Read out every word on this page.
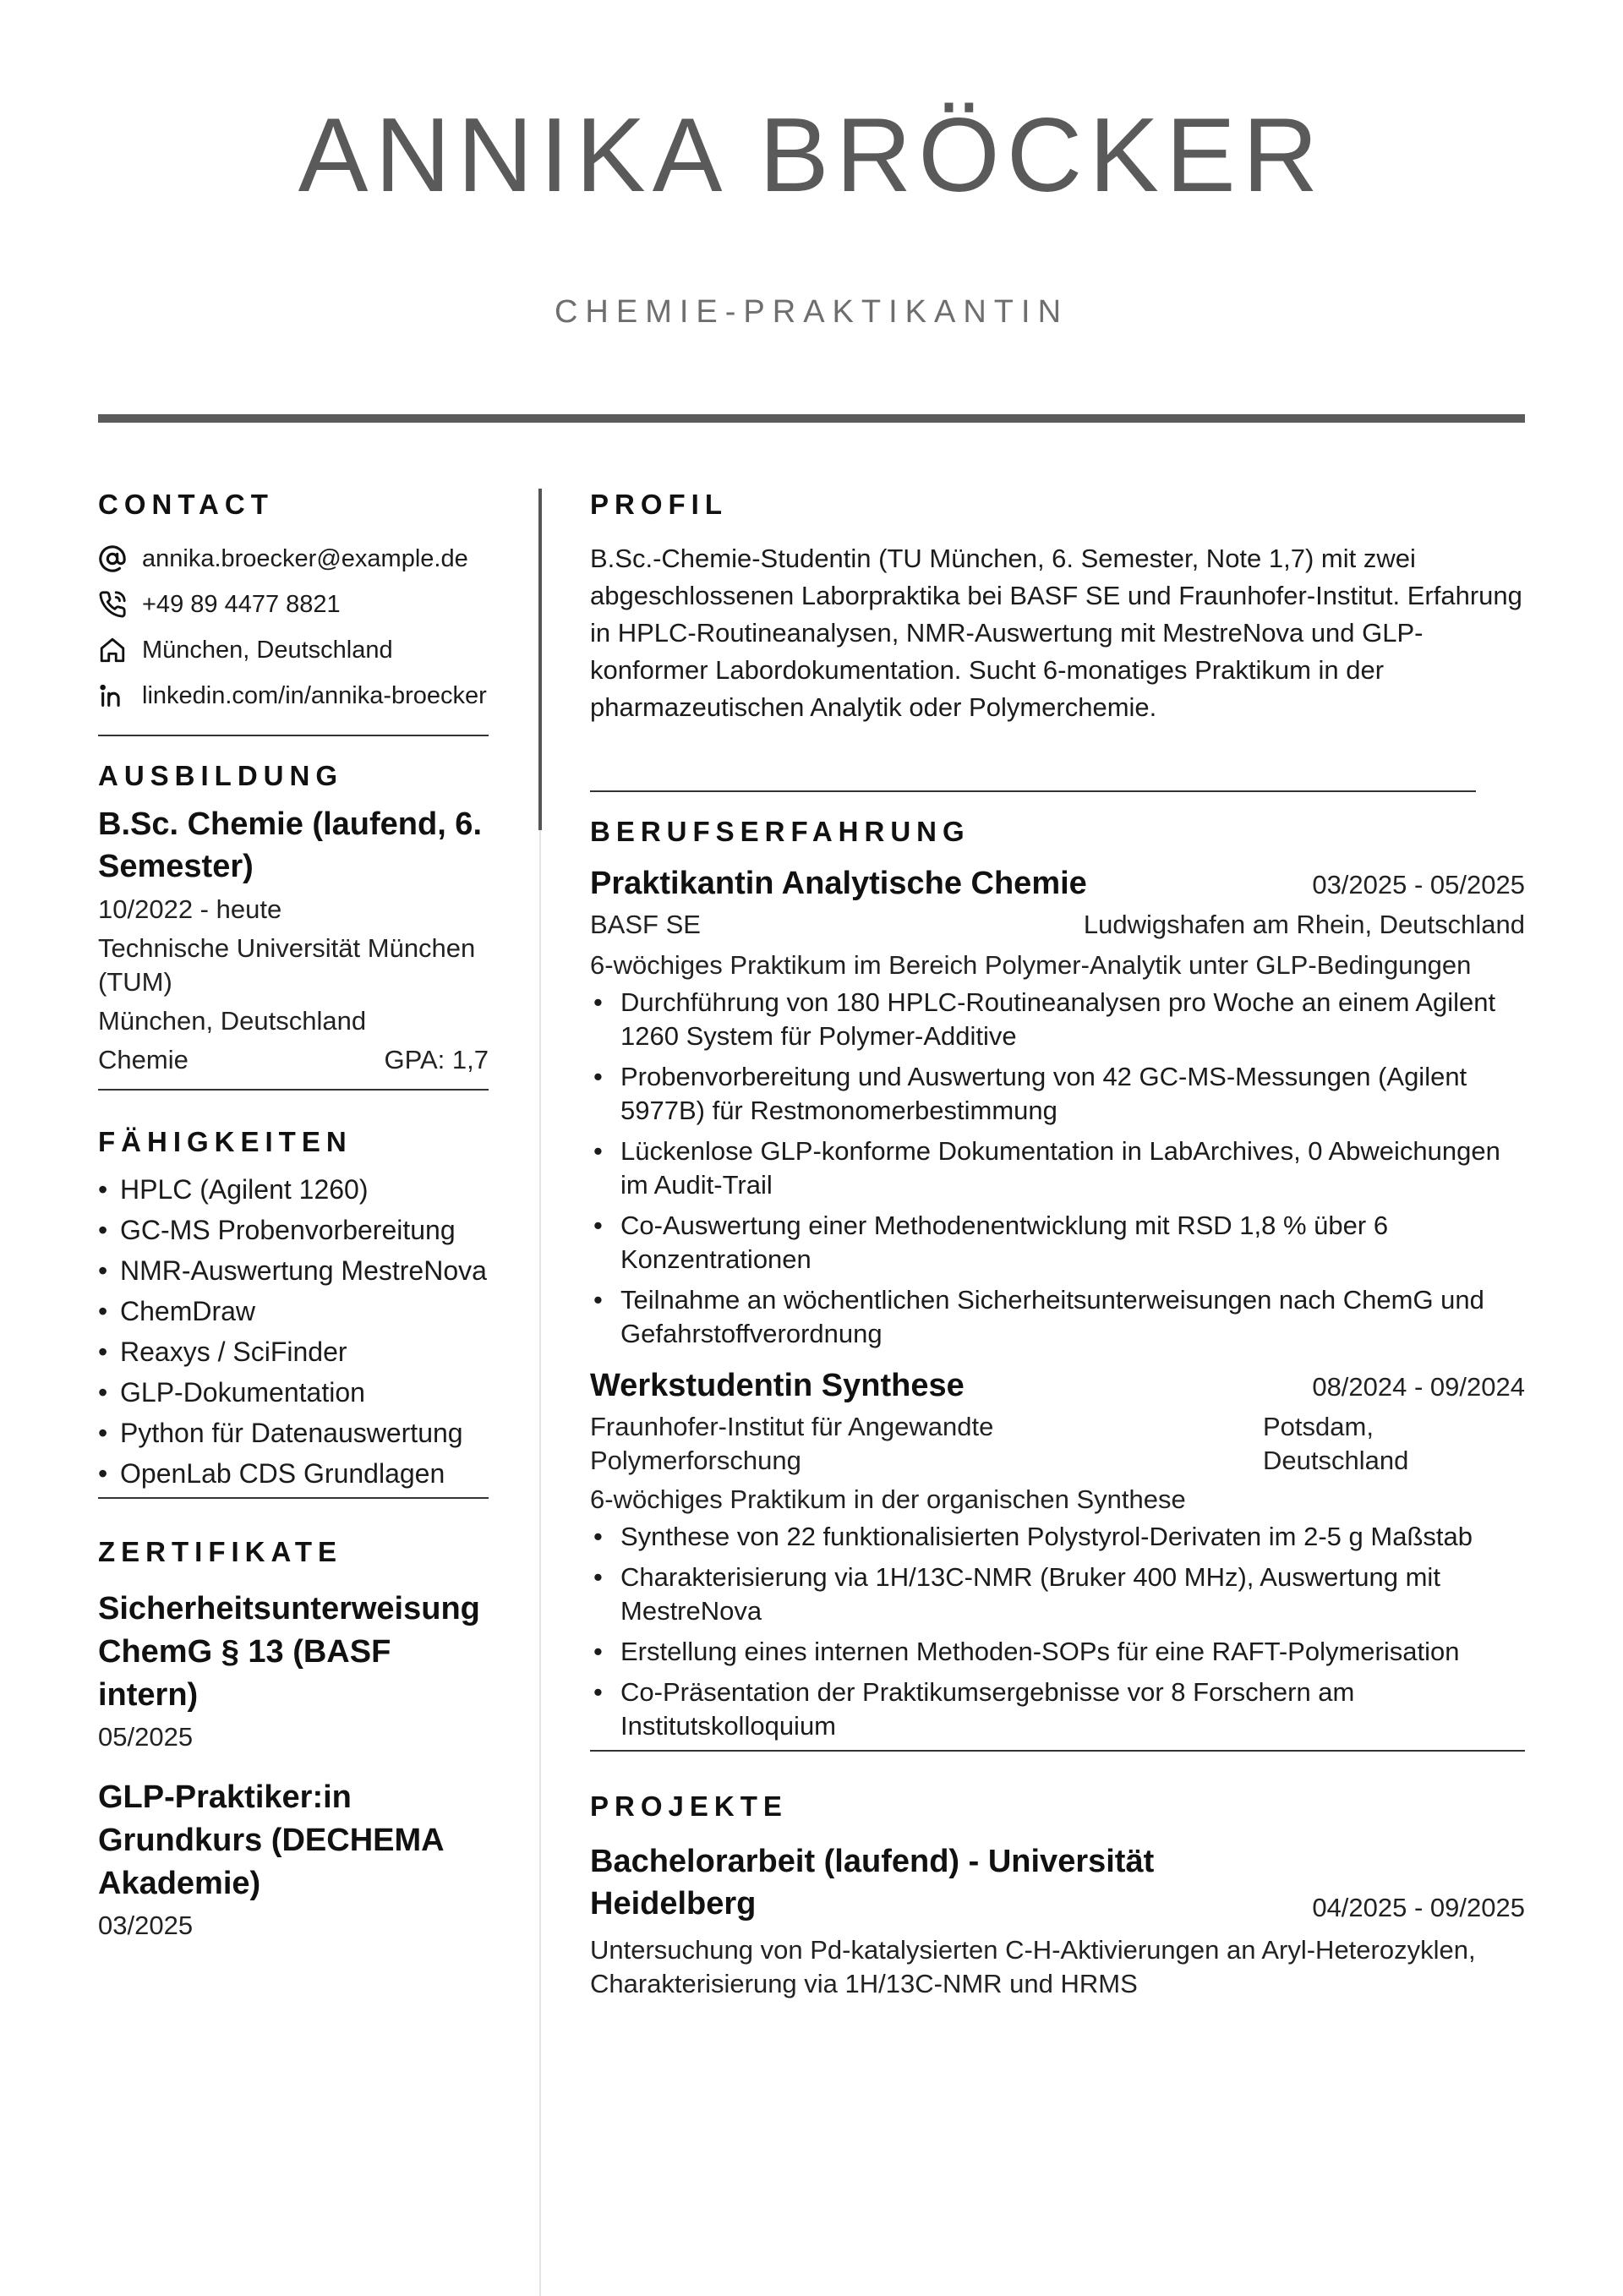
ANNIKA BRÖCKER
CHEMIE-PRAKTIKANTIN
CONTACT
annika.broecker@example.de
+49 89 4477 8821
München, Deutschland
linkedin.com/in/annika-broecker
AUSBILDUNG
B.Sc. Chemie (laufend, 6. Semester)
10/2022 - heute
Technische Universität München (TUM)
München, Deutschland
Chemie	GPA: 1,7
FÄHIGKEITEN
• HPLC (Agilent 1260)
• GC-MS Probenvorbereitung
• NMR-Auswertung MestreNova
• ChemDraw
• Reaxys / SciFinder
• GLP-Dokumentation
• Python für Datenauswertung
• OpenLab CDS Grundlagen
ZERTIFIKATE
Sicherheitsunterweisung ChemG § 13 (BASF intern)
05/2025
GLP-Praktiker:in Grundkurs (DECHEMA Akademie)
03/2025
PROFIL

B.Sc.-Chemie-Studentin (TU München, 6. Semester, Note 1,7) mit zwei abgeschlossenen Laborpraktika bei BASF SE und Fraunhofer-Institut. Erfahrung in HPLC-Routineanalysen, NMR-Auswertung mit MestreNova und GLP-konformer Labordokumentation. Sucht 6-monatiges Praktikum in der pharmazeutischen Analytik oder Polymerchemie.

BERUFSERFAHRUNG
Praktikantin Analytische Chemie	03/2025 - 05/2025
BASF SE	Ludwigshafen am Rhein, Deutschland
6-wöchiges Praktikum im Bereich Polymer-Analytik unter GLP-Bedingungen
• Durchführung von 180 HPLC-Routineanalysen pro Woche an einem Agilent 1260 System für Polymer-Additive
• Probenvorbereitung und Auswertung von 42 GC-MS-Messungen (Agilent 5977B) für Restmonomerbestimmung
• Lückenlose GLP-konforme Dokumentation in LabArchives, 0 Abweichungen im Audit-Trail
• Co-Auswertung einer Methodenentwicklung mit RSD 1,8 % über 6 Konzentrationen
• Teilnahme an wöchentlichen Sicherheitsunterweisungen nach ChemG und Gefahrstoffverordnung
Werkstudentin Synthese	08/2024 - 09/2024
Fraunhofer-Institut für Angewandte Polymerforschung
Potsdam, Deutschland
6-wöchiges Praktikum in der organischen Synthese
• Synthese von 22 funktionalisierten Polystyrol-Derivaten im 2-5 g Maßstab
• Charakterisierung via 1H/13C-NMR (Bruker 400 MHz), Auswertung mit MestreNova
• Erstellung eines internen Methoden-SOPs für eine RAFT-Polymerisation
• Co-Präsentation der Praktikumsergebnisse vor 8 Forschern am Institutskolloquium
PROJEKTE
Bachelorarbeit (laufend) - Universität Heidelberg	04/2025 - 09/2025
Untersuchung von Pd-katalysierten C-H-Aktivierungen an Aryl-Heterozyklen, Charakterisierung via 1H/13C-NMR und HRMS
